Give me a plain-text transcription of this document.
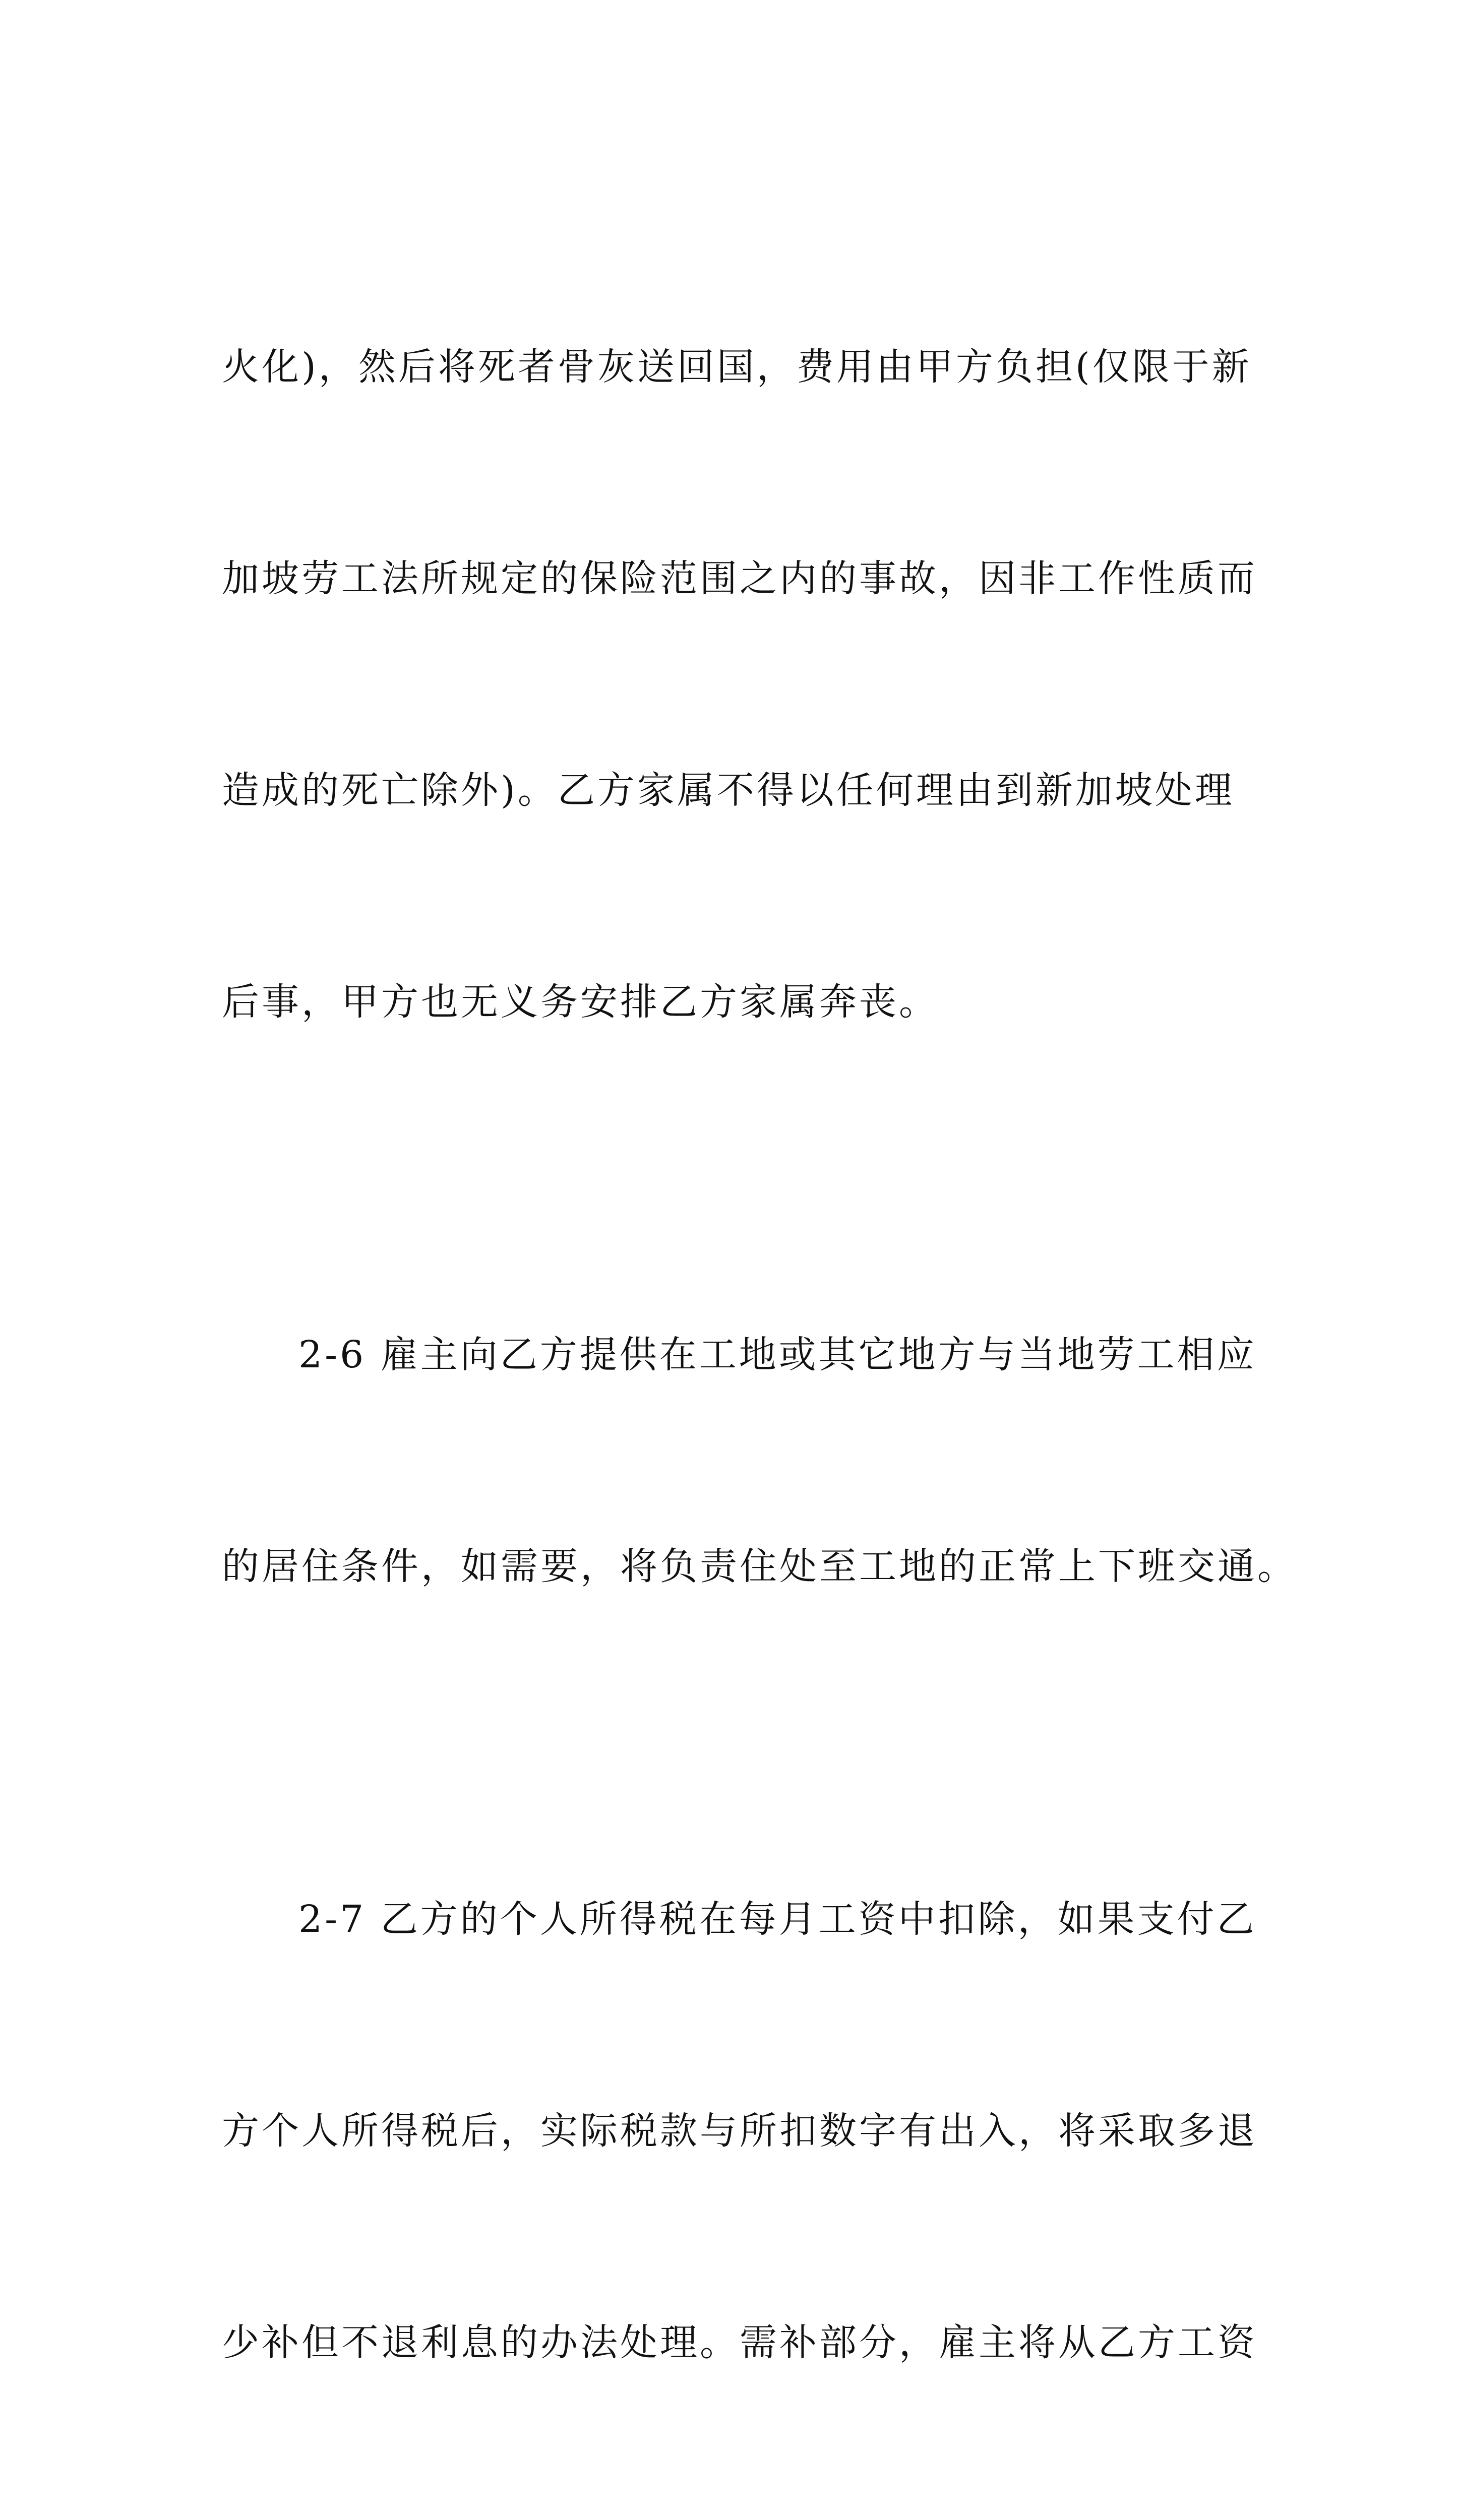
火化)，然后将死者骨灰送回国，费用由甲方负担(仅限于新

加坡劳工法所规定的保险范围之内的事故，因非工作性质而

造成的死亡除外)。乙方家属不得以任何理由到新加坡处理

后事，甲方也无义务安排乙方家属奔丧。

2-6 雇主向乙方提供在工地或其它地方与当地劳工相应

的居住条件，如需要，将负责住处至工地的正常上下班交通。

2-7 乙方的个人所得税在每月工资中扣除，如果支付乙

方个人所得税后，实际税款与所扣数字有出入，将采取多退

少补但不退利息的办法处理。需补部分，雇主将从乙方工资
